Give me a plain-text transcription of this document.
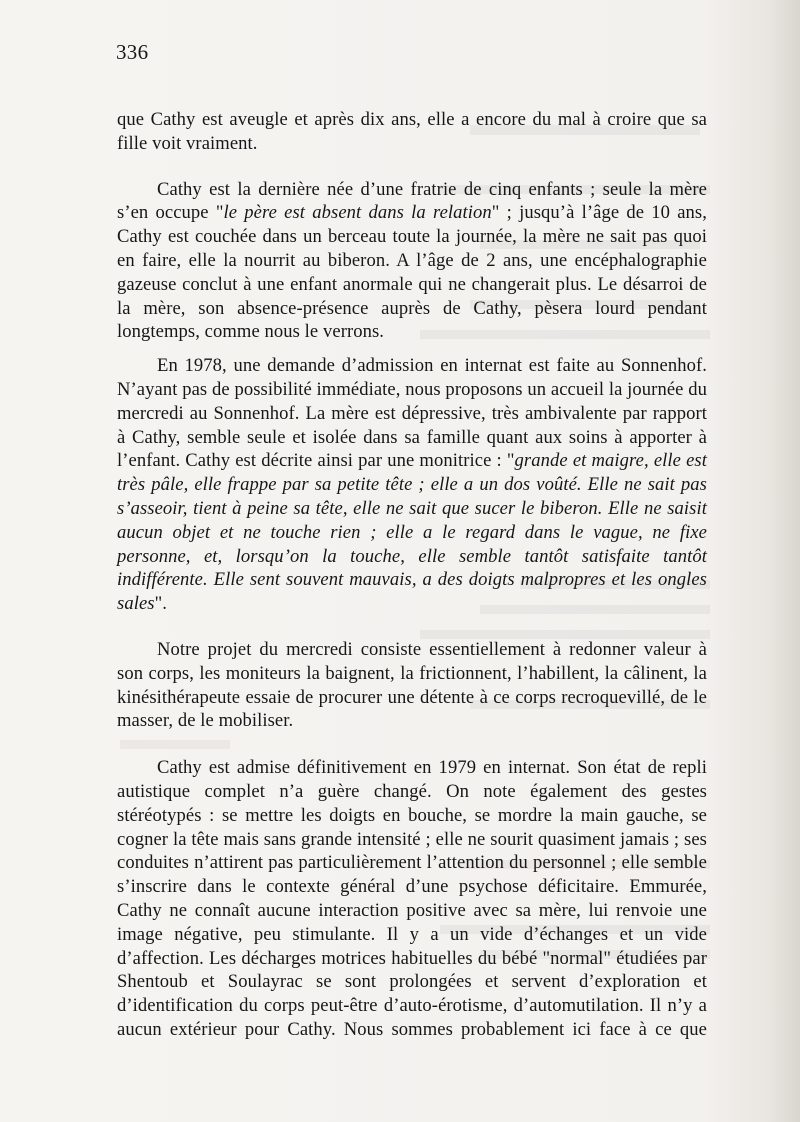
336

que Cathy est aveugle et après dix ans, elle a encore du mal à croire que sa fille voit vraiment.

Cathy est la dernière née d’une fratrie de cinq enfants ; seule la mère s’en occupe "le père est absent dans la relation" ; jusqu’à l’âge de 10 ans, Cathy est couchée dans un berceau toute la journée, la mère ne sait pas quoi en faire, elle la nourrit au biberon. A l’âge de 2 ans, une encéphalographie gazeuse conclut à une enfant anormale qui ne changerait plus. Le désarroi de la mère, son absence-présence auprès de Cathy, pèsera lourd pendant longtemps, comme nous le verrons.

En 1978, une demande d’admission en internat est faite au Sonnenhof. N’ayant pas de possibilité immédiate, nous proposons un accueil la journée du mercredi au Sonnenhof. La mère est dépressive, très ambivalente par rapport à Cathy, semble seule et isolée dans sa famille quant aux soins à apporter à l’enfant. Cathy est décrite ainsi par une monitrice : "grande et maigre, elle est très pâle, elle frappe par sa petite tête ; elle a un dos voûté. Elle ne sait pas s’asseoir, tient à peine sa tête, elle ne sait que sucer le biberon. Elle ne saisit aucun objet et ne touche rien ; elle a le regard dans le vague, ne fixe personne, et, lorsqu’on la touche, elle semble tantôt satisfaite tantôt indifférente. Elle sent souvent mauvais, a des doigts malpropres et les ongles sales".

Notre projet du mercredi consiste essentiellement à redonner valeur à son corps, les moniteurs la baignent, la frictionnent, l’habillent, la câlinent, la kinésithérapeute essaie de procurer une détente à ce corps recroquevillé, de le masser, de le mobiliser.

Cathy est admise définitivement en 1979 en internat. Son état de repli autistique complet n’a guère changé. On note également des gestes stéréotypés : se mettre les doigts en bouche, se mordre la main gauche, se cogner la tête mais sans grande intensité ; elle ne sourit quasiment jamais ; ses conduites n’attirent pas particulièrement l’attention du personnel ; elle semble s’inscrire dans le contexte général d’une psychose déficitaire. Emmurée, Cathy ne connaît aucune interaction positive avec sa mère, lui renvoie une image négative, peu stimulante. Il y a un vide d’échanges et un vide d’affection. Les décharges motrices habituelles du bébé "normal" étudiées par Shentoub et Soulayrac se sont prolongées et servent d’exploration et d’identification du corps peut-être d’auto-érotisme, d’automutilation. Il n’y a aucun extérieur pour Cathy. Nous sommes probablement ici face à ce que
